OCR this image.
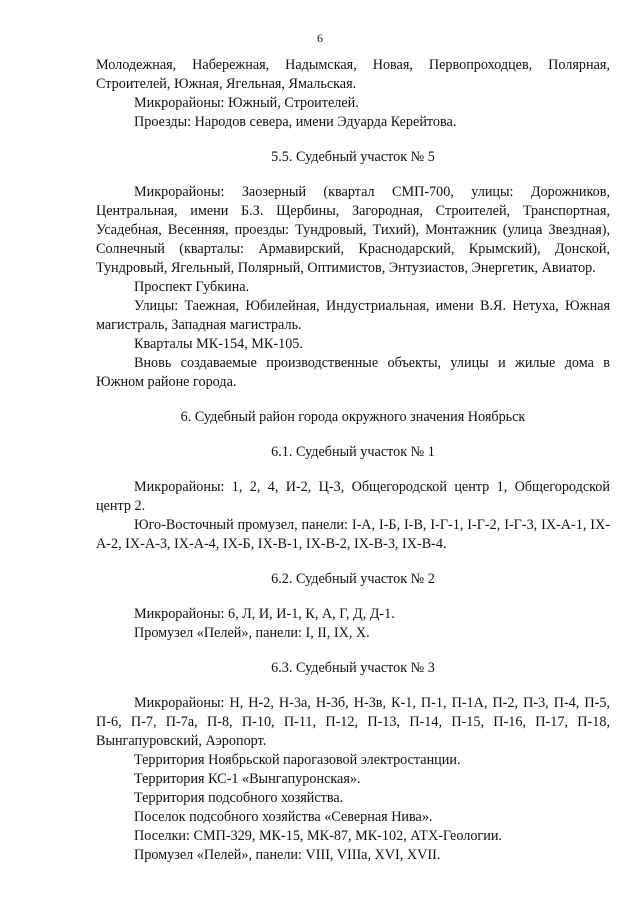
6

Молодежная, Набережная, Надымская, Новая, Первопроходцев, Полярная, Строителей, Южная, Ягельная, Ямальская.

Микрорайоны: Южный, Строителей.

Проезды: Народов севера, имени Эдуарда Керейтова.

5.5. Судебный участок № 5

Микрорайоны: Заозерный (квартал СМП-700, улицы: Дорожников, Центральная, имени Б.З. Щербины, Загородная, Строителей, Транспортная, Усадебная, Весенняя, проезды: Тундровый, Тихий), Монтажник (улица Звездная), Солнечный (кварталы: Армавирский, Краснодарский, Крымский), Донской, Тундровый, Ягельный, Полярный, Оптимистов, Энтузиастов, Энергетик, Авиатор.

Проспект Губкина.

Улицы: Таежная, Юбилейная, Индустриальная, имени В.Я. Нетуха, Южная магистраль, Западная магистраль.

Кварталы МК-154, МК-105.

Вновь создаваемые производственные объекты, улицы и жилые дома в Южном районе города.

6. Судебный район города окружного значения Ноябрьск

6.1. Судебный участок № 1

Микрорайоны: 1, 2, 4, И-2, Ц-3, Общегородской центр 1, Общегородской центр 2.

Юго-Восточный промузел, панели: I-А, I-Б, I-В, I-Г-1, I-Г-2, I-Г-3, IX-А-1, IX-А-2, IX-А-3, IX-А-4, IX-Б, IX-В-1, IX-В-2, IX-В-3, IX-В-4.

6.2. Судебный участок № 2

Микрорайоны: 6, Л, И, И-1, К, А, Г, Д, Д-1.

Промузел «Пелей», панели: I, II, IX, X.

6.3. Судебный участок № 3

Микрорайоны: Н, Н-2, Н-3а, Н-3б, Н-3в, К-1, П-1, П-1А, П-2, П-3, П-4, П-5, П-6, П-7, П-7а, П-8, П-10, П-11, П-12, П-13, П-14, П-15, П-16, П-17, П-18, Вынгапуровский, Аэропорт.

Территория Ноябрьской парогазовой электростанции.

Территория КС-1 «Вынгапуронская».

Территория подсобного хозяйства.

Поселок подсобного хозяйства «Северная Нива».

Поселки: СМП-329, МК-15, МК-87, МК-102, АТХ-Геологии.

Промузел «Пелей», панели: VIII, VIIIа, XVI, XVII.
